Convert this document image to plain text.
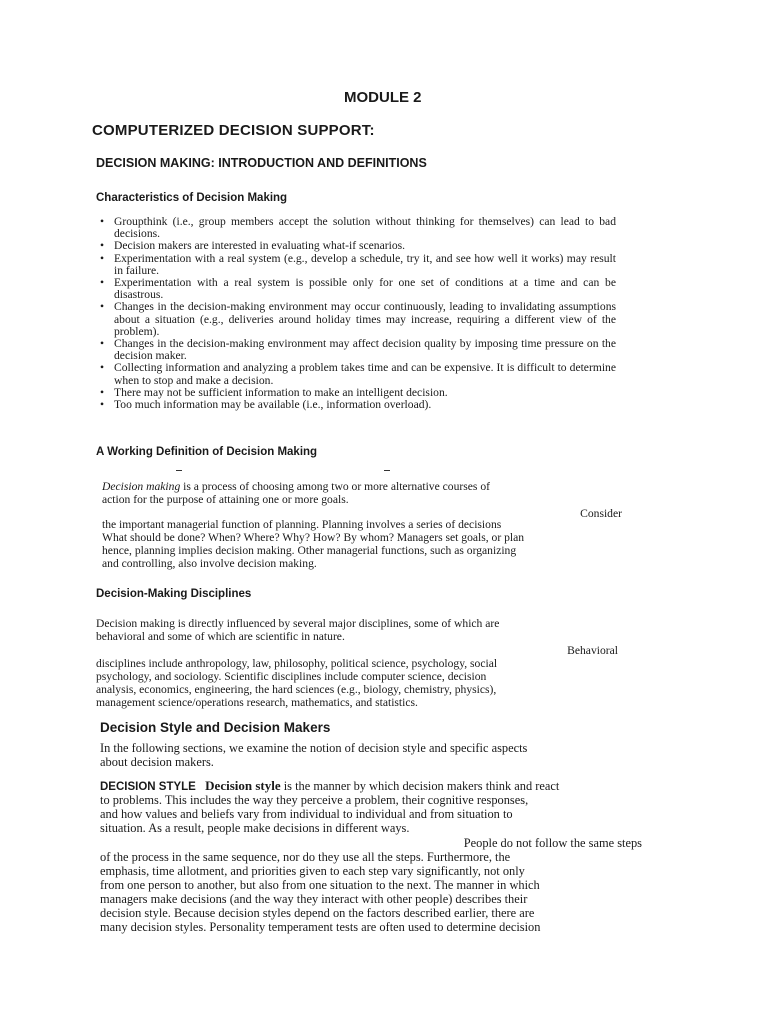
MODULE 2
COMPUTERIZED DECISION SUPPORT:
DECISION MAKING: INTRODUCTION AND DEFINITIONS
Characteristics of Decision Making
• Groupthink (i.e., group members accept the solution without thinking for themselves) can lead to bad decisions.
• Decision makers are interested in evaluating what-if scenarios.
• Experimentation with a real system (e.g., develop a schedule, try it, and see how well it works) may result in failure.
• Experimentation with a real system is possible only for one set of conditions at a time and can be disastrous.
• Changes in the decision-making environment may occur continuously, leading to invalidating assumptions about a situation (e.g., deliveries around holiday times may increase, requiring a different view of the problem).
• Changes in the decision-making environment may affect decision quality by imposing time pressure on the decision maker.
• Collecting information and analyzing a problem takes time and can be expensive. It is difficult to determine when to stop and make a decision.
• There may not be sufficient information to make an intelligent decision.
• Too much information may be available (i.e., information overload).
A Working Definition of Decision Making
Decision making is a process of choosing among two or more alternative courses of
action for the purpose of attaining one or more goals.
Consider
the important managerial function of planning. Planning involves a series of decisions
What should be done? When? Where? Why? How? By whom? Managers set goals, or plan
hence, planning implies decision making. Other managerial functions, such as organizing
and controlling, also involve decision making.
Decision-Making Disciplines
Decision making is directly influenced by several major disciplines, some of which are
behavioral and some of which are scientific in nature.
Behavioral
disciplines include anthropology, law, philosophy, political science, psychology, social
psychology, and sociology. Scientific disciplines include computer science, decision
analysis, economics, engineering, the hard sciences (e.g., biology, chemistry, physics),
management science/operations research, mathematics, and statistics.
Decision Style and Decision Makers
In the following sections, we examine the notion of decision style and specific aspects
about decision makers.
DECISION STYLE Decision style is the manner by which decision makers think and react
to problems. This includes the way they perceive a problem, their cognitive responses,
and how values and beliefs vary from individual to individual and from situation to
situation. As a result, people make decisions in different ways.
People do not follow the same steps
of the process in the same sequence, nor do they use all the steps. Furthermore, the
emphasis, time allotment, and priorities given to each step vary significantly, not only
from one person to another, but also from one situation to the next. The manner in which
managers make decisions (and the way they interact with other people) describes their
decision style. Because decision styles depend on the factors described earlier, there are
many decision styles. Personality temperament tests are often used to determine decision
